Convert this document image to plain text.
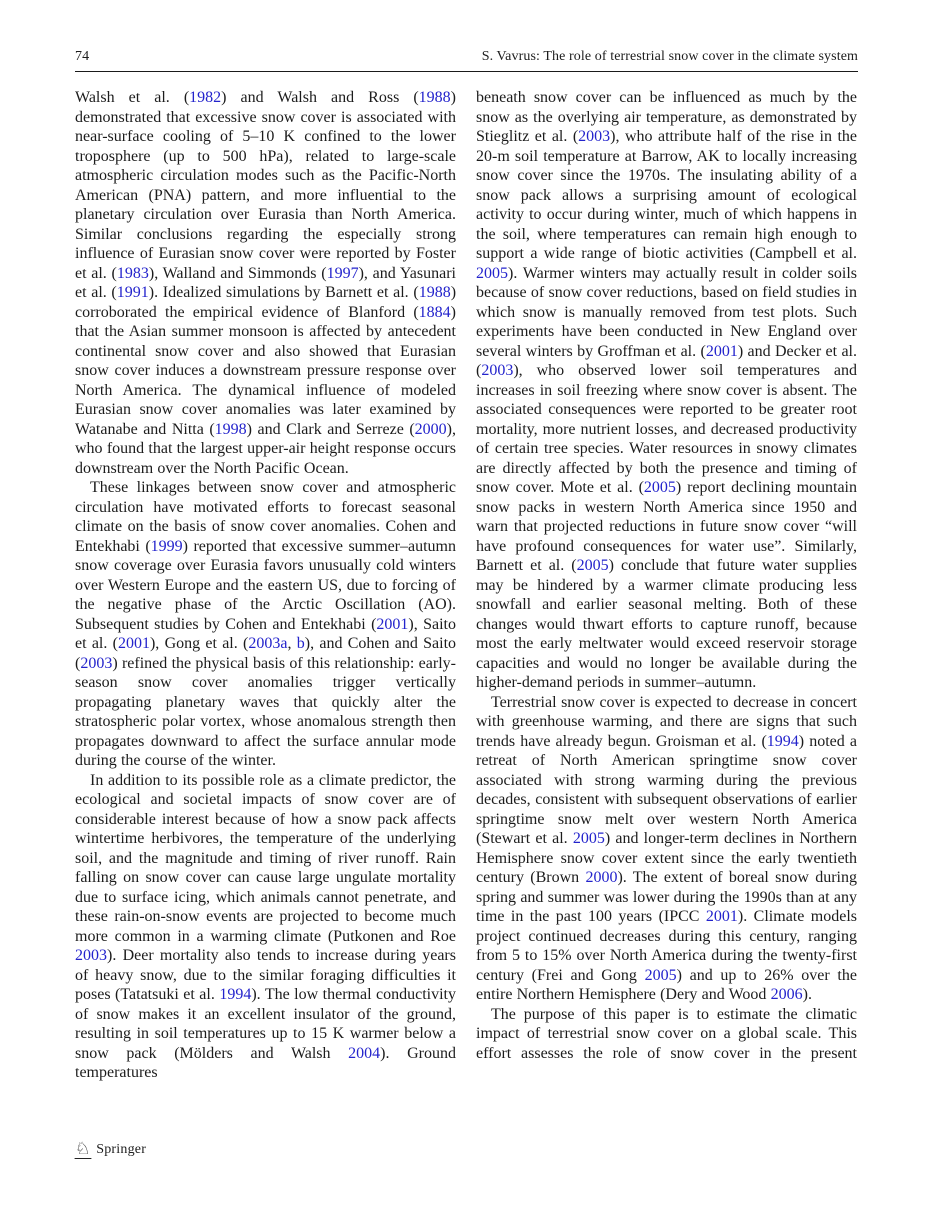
74	S. Vavrus: The role of terrestrial snow cover in the climate system

Walsh et al. (1982) and Walsh and Ross (1988) demonstrated that excessive snow cover is associated with near-surface cooling of 5–10 K confined to the lower troposphere (up to 500 hPa), related to large-scale atmospheric circulation modes such as the Pacific-North American (PNA) pattern, and more influential to the planetary circulation over Eurasia than North America. Similar conclusions regarding the especially strong influence of Eurasian snow cover were reported by Foster et al. (1983), Walland and Simmonds (1997), and Yasunari et al. (1991). Idealized simulations by Barnett et al. (1988) corroborated the empirical evidence of Blanford (1884) that the Asian summer monsoon is affected by antecedent continental snow cover and also showed that Eurasian snow cover induces a downstream pressure response over North America. The dynamical influence of modeled Eurasian snow cover anomalies was later examined by Watanabe and Nitta (1998) and Clark and Serreze (2000), who found that the largest upper-air height response occurs downstream over the North Pacific Ocean.

These linkages between snow cover and atmospheric circulation have motivated efforts to forecast seasonal climate on the basis of snow cover anomalies. Cohen and Entekhabi (1999) reported that excessive summer–autumn snow coverage over Eurasia favors unusually cold winters over Western Europe and the eastern US, due to forcing of the negative phase of the Arctic Oscillation (AO). Subsequent studies by Cohen and Entekhabi (2001), Saito et al. (2001), Gong et al. (2003a, b), and Cohen and Saito (2003) refined the physical basis of this relationship: early-season snow cover anomalies trigger vertically propagating planetary waves that quickly alter the stratospheric polar vortex, whose anomalous strength then propagates downward to affect the surface annular mode during the course of the winter.

In addition to its possible role as a climate predictor, the ecological and societal impacts of snow cover are of considerable interest because of how a snow pack affects wintertime herbivores, the temperature of the underlying soil, and the magnitude and timing of river runoff. Rain falling on snow cover can cause large ungulate mortality due to surface icing, which animals cannot penetrate, and these rain-on-snow events are projected to become much more common in a warming climate (Putkonen and Roe 2003). Deer mortality also tends to increase during years of heavy snow, due to the similar foraging difficulties it poses (Tatatsuki et al. 1994). The low thermal conductivity of snow makes it an excellent insulator of the ground, resulting in soil temperatures up to 15 K warmer below a snow pack (Mölders and Walsh 2004). Ground temperatures

beneath snow cover can be influenced as much by the snow as the overlying air temperature, as demonstrated by Stieglitz et al. (2003), who attribute half of the rise in the 20-m soil temperature at Barrow, AK to locally increasing snow cover since the 1970s. The insulating ability of a snow pack allows a surprising amount of ecological activity to occur during winter, much of which happens in the soil, where temperatures can remain high enough to support a wide range of biotic activities (Campbell et al. 2005). Warmer winters may actually result in colder soils because of snow cover reductions, based on field studies in which snow is manually removed from test plots. Such experiments have been conducted in New England over several winters by Groffman et al. (2001) and Decker et al. (2003), who observed lower soil temperatures and increases in soil freezing where snow cover is absent. The associated consequences were reported to be greater root mortality, more nutrient losses, and decreased productivity of certain tree species. Water resources in snowy climates are directly affected by both the presence and timing of snow cover. Mote et al. (2005) report declining mountain snow packs in western North America since 1950 and warn that projected reductions in future snow cover “will have profound consequences for water use”. Similarly, Barnett et al. (2005) conclude that future water supplies may be hindered by a warmer climate producing less snowfall and earlier seasonal melting. Both of these changes would thwart efforts to capture runoff, because most the early meltwater would exceed reservoir storage capacities and would no longer be available during the higher-demand periods in summer–autumn.

Terrestrial snow cover is expected to decrease in concert with greenhouse warming, and there are signs that such trends have already begun. Groisman et al. (1994) noted a retreat of North American springtime snow cover associated with strong warming during the previous decades, consistent with subsequent observations of earlier springtime snow melt over western North America (Stewart et al. 2005) and longer-term declines in Northern Hemisphere snow cover extent since the early twentieth century (Brown 2000). The extent of boreal snow during spring and summer was lower during the 1990s than at any time in the past 100 years (IPCC 2001). Climate models project continued decreases during this century, ranging from 5 to 15% over North America during the twenty-first century (Frei and Gong 2005) and up to 26% over the entire Northern Hemisphere (Dery and Wood 2006).

The purpose of this paper is to estimate the climatic impact of terrestrial snow cover on a global scale. This effort assesses the role of snow cover in the present

♘ Springer
